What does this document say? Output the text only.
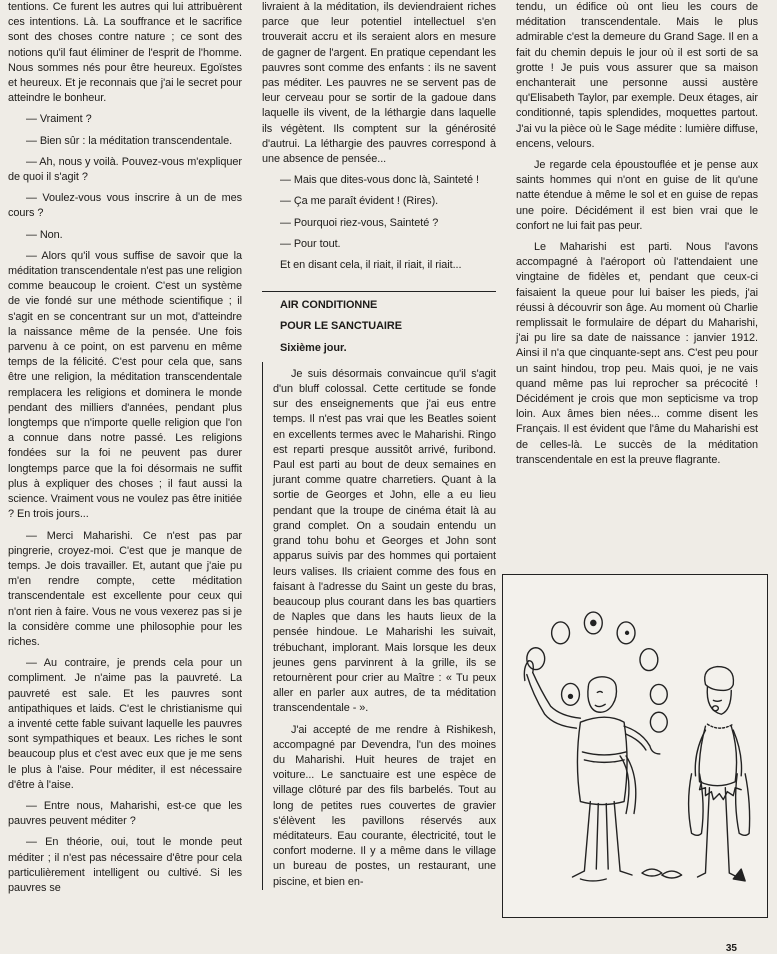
tentions. Ce furent les autres qui lui attribuèrent ces intentions. Là. La souffrance et le sacrifice sont des choses contre nature ; ce sont des notions qu'il faut éliminer de l'esprit de l'homme. Nous sommes nés pour être heureux. Egoïstes et heureux. Et je reconnais que j'ai le secret pour atteindre le bonheur.

— Vraiment ?

— Bien sûr : la méditation transcendentale.

— Ah, nous y voilà. Pouvez-vous m'expliquer de quoi il s'agit ?

— Voulez-vous vous inscrire à un de mes cours ?

— Non.

— Alors qu'il vous suffise de savoir que la méditation transcendentale n'est pas une religion comme beaucoup le croient. C'est un système de vie fondé sur une méthode scientifique ; il s'agit en se concentrant sur un mot, d'atteindre la naissance même de la pensée. Une fois parvenu à ce point, on est parvenu en même temps de la félicité. C'est pour cela que, sans être une religion, la méditation transcendentale remplacera les religions et dominera le monde pendant des milliers d'années, pendant plus longtemps que n'importe quelle religion que l'on a connue dans notre passé. Les religions fondées sur la foi ne peuvent pas durer longtemps parce que la foi désormais ne suffit plus à expliquer des choses ; il faut aussi la science. Vraiment vous ne voulez pas être initiée ? En trois jours...

— Merci Maharishi. Ce n'est pas par pingrerie, croyez-moi. C'est que je manque de temps. Je dois travailler. Et, autant que j'aie pu m'en rendre compte, cette méditation transcendentale est excellente pour ceux qui n'ont rien à faire. Vous ne vous vexerez pas si je la considère comme une philosophie pour les riches.

— Au contraire, je prends cela pour un compliment. Je n'aime pas la pauvreté. La pauvreté est sale. Et les pauvres sont antipathiques et laids. C'est le christianisme qui a inventé cette fable suivant laquelle les pauvres sont sympathiques et beaux. Les riches le sont beaucoup plus et c'est avec eux que je me sens le plus à l'aise. Pour méditer, il est nécessaire d'être à l'aise.

— Entre nous, Maharishi, est-ce que les pauvres peuvent méditer ?

— En théorie, oui, tout le monde peut méditer ; il n'est pas nécessaire d'être pour cela particulièrement intelligent ou cultivé. Si les pauvres se

livraient à la méditation, ils deviendraient riches parce que leur potentiel intellectuel s'en trouverait accru et ils seraient alors en mesure de gagner de l'argent. En pratique cependant les pauvres sont comme des enfants : ils ne savent pas méditer. Les pauvres ne se servent pas de leur cerveau pour se sortir de la gadoue dans laquelle ils vivent, de la léthargie dans laquelle ils végètent. Ils comptent sur la générosité d'autrui. La léthargie des pauvres correspond à une absence de pensée...

— Mais que dites-vous donc là, Sainteté !

— Ça me paraît évident ! (Rires).

— Pourquoi riez-vous, Sainteté ?

— Pour tout.

Et en disant cela, il riait, il riait, il riait...

AIR CONDITIONNE

POUR LE SANCTUAIRE

Sixième jour.

Je suis désormais convaincue qu'il s'agit d'un bluff colossal. Cette certitude se fonde sur des enseignements que j'ai eus entre temps. Il n'est pas vrai que les Beatles soient en excellents termes avec le Maharishi. Ringo est reparti presque aussitôt arrivé, furibond. Paul est parti au bout de deux semaines en jurant comme quatre charretiers. Quant à la sortie de Georges et John, elle a eu lieu pendant que la troupe de cinéma était là au grand complet. On a soudain entendu un grand tohu bohu et Georges et John sont apparus suivis par des hommes qui portaient leurs valises. Ils criaient comme des fous en faisant à l'adresse du Saint un geste du bras, beaucoup plus courant dans les bas quartiers de Naples que dans les hauts lieux de la pensée hindoue. Le Maharishi les suivait, trébuchant, implorant. Mais lorsque les deux jeunes gens parvinrent à la grille, ils se retournèrent pour crier au Maître : « Tu peux aller en parler aux autres, de ta méditation transcendentale - ».

J'ai accepté de me rendre à Rishikesh, accompagné par Devendra, l'un des moines du Maharishi. Huit heures de trajet en voiture... Le sanctuaire est une espèce de village clôturé par des fils barbelés. Tout au long de petites rues couvertes de gravier s'élèvent les pavillons réservés aux méditateurs. Eau courante, électricité, tout le confort moderne. Il y a même dans le village un bureau de postes, un restaurant, une piscine, et bien en-

tendu, un édifice où ont lieu les cours de méditation transcendentale. Mais le plus admirable c'est la demeure du Grand Sage. Il en a fait du chemin depuis le jour où il est sorti de sa grotte ! Je puis vous assurer que sa maison enchanterait une personne aussi austère qu'Elisabeth Taylor, par exemple. Deux étages, air conditionné, tapis splendides, moquettes partout. J'ai vu la pièce où le Sage médite : lumière diffuse, encens, velours.

Je regarde cela époustouflée et je pense aux saints hommes qui n'ont en guise de lit qu'une natte étendue à même le sol et en guise de repas une poire. Décidément il est bien vrai que le confort ne lui fait pas peur.

Le Maharishi est parti. Nous l'avons accompagné à l'aéroport où l'attendaient une vingtaine de fidèles et, pendant que ceux-ci faisaient la queue pour lui baiser les pieds, j'ai réussi à découvrir son âge. Au moment où Charlie remplissait le formulaire de départ du Maharishi, j'ai pu lire sa date de naissance : janvier 1912. Ainsi il n'a que cinquante-sept ans. C'est peu pour un saint hindou, trop peu. Mais quoi, je ne vais quand même pas lui reprocher sa précocité ! Décidément je crois que mon septicisme va trop loin. Aux âmes bien nées... comme disent les Français. Il est évident que l'âme du Maharishi est de celles-là. Le succès de la méditation transcendentale en est la preuve flagrante.

35
